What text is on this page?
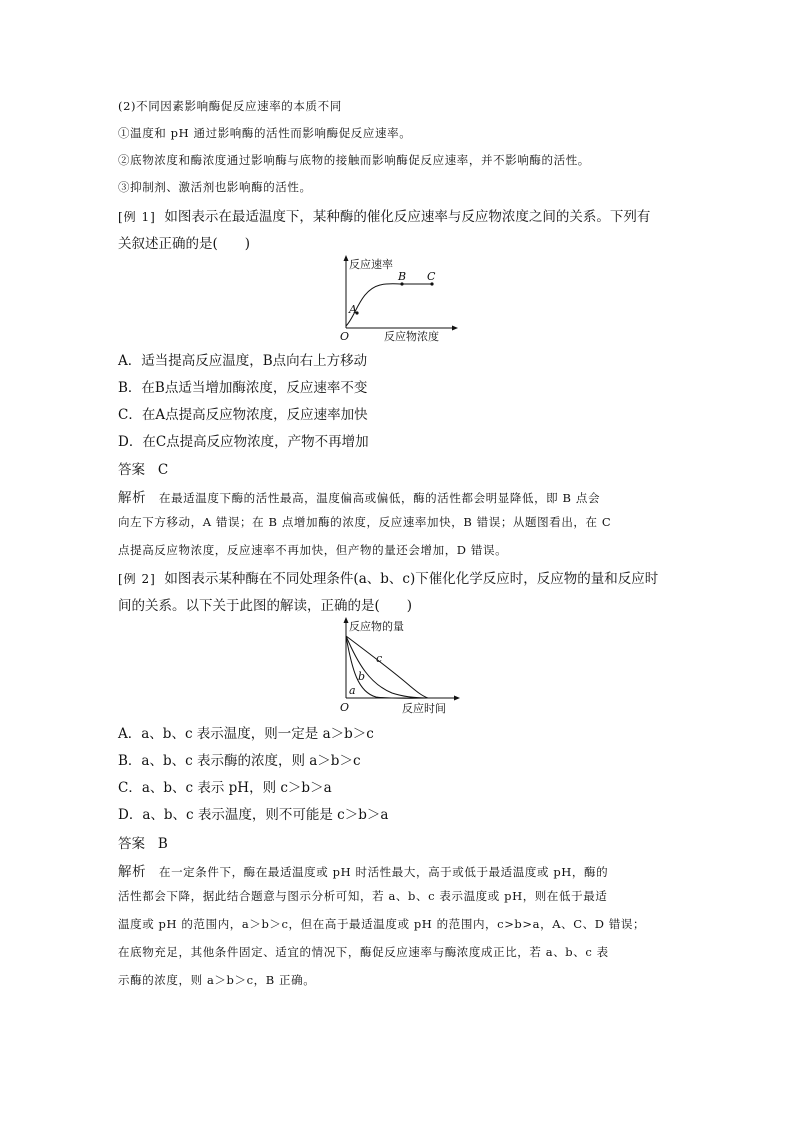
(2)不同因素影响酶促反应速率的本质不同
①温度和 pH 通过影响酶的活性而影响酶促反应速率。
②底物浓度和酶浓度通过影响酶与底物的接触而影响酶促反应速率，并不影响酶的活性。
③抑制剂、激活剂也影响酶的活性。
[例 1] 如图表示在最适温度下，某种酶的催化反应速率与反应物浓度之间的关系。下列有
关叙述正确的是(　　)
反应速率
A
B C
O	反应物浓度
A．适当提高反应温度，B点向右上方移动
B．在B点适当增加酶浓度，反应速率不变
C．在A点提高反应物浓度，反应速率加快
D．在C点提高反应物浓度，产物不再增加
答案 C
解析 在最适温度下酶的活性最高，温度偏高或偏低，酶的活性都会明显降低，即 B 点会
向左下方移动，A 错误；在 B 点增加酶的浓度，反应速率加快，B 错误；从题图看出，在 C
点提高反应物浓度，反应速率不再加快，但产物的量还会增加，D 错误。
[例 2] 如图表示某种酶在不同处理条件(a、b、c)下催化化学反应时，反应物的量和反应时
间的关系。以下关于此图的解读，正确的是(　　)
反应物的量
a
b
c
O	反应时间
A．a、b、c 表示温度，则一定是 a＞b＞c
B．a、b、c 表示酶的浓度，则 a＞b＞c
C．a、b、c 表示 pH，则 c＞b＞a
D．a、b、c 表示温度，则不可能是 c＞b＞a
答案 B
解析 在一定条件下，酶在最适温度或 pH 时活性最大，高于或低于最适温度或 pH，酶的
活性都会下降，据此结合题意与图示分析可知，若 a、b、c 表示温度或 pH，则在低于最适
温度或 pH 的范围内，a＞b＞c，但在高于最适温度或 pH 的范围内，c>b>a，A、C、D 错误；
在底物充足，其他条件固定、适宜的情况下，酶促反应速率与酶浓度成正比，若 a、b、c 表
示酶的浓度，则 a＞b＞c，B 正确。
